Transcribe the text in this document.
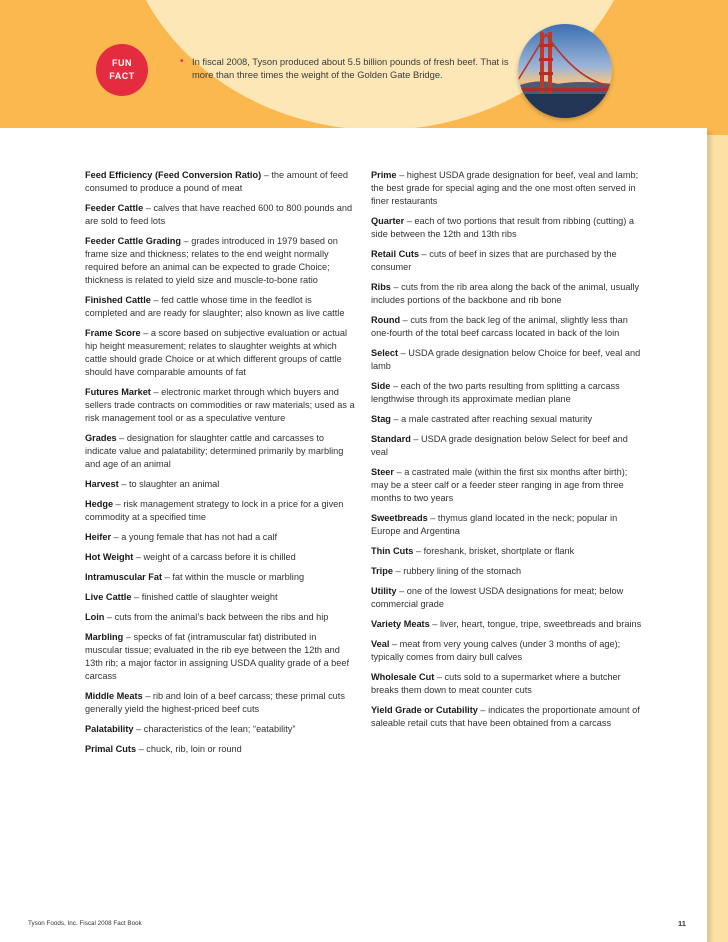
FUN
FACT
• In fiscal 2008, Tyson produced about 5.5 billion pounds of fresh beef. That is more than three times the weight of the Golden Gate Bridge.

Feed Efficiency (Feed Conversion Ratio) – the amount of feed consumed to produce a pound of meat

Feeder Cattle – calves that have reached 600 to 800 pounds and are sold to feed lots

Feeder Cattle Grading – grades introduced in 1979 based on frame size and thickness; relates to the end weight normally required before an animal can be expected to grade Choice; thickness is related to yield size and muscle-to-bone ratio

Finished Cattle – fed cattle whose time in the feedlot is completed and are ready for slaughter; also known as live cattle

Frame Score – a score based on subjective evaluation or actual hip height measurement; relates to slaughter weights at which cattle should grade Choice or at which different groups of cattle should have comparable amounts of fat

Futures Market – electronic market through which buyers and sellers trade contracts on commodities or raw materials; used as a risk management tool or as a speculative venture

Grades – designation for slaughter cattle and carcasses to indicate value and palatability; determined primarily by marbling and age of an animal

Harvest – to slaughter an animal

Hedge – risk management strategy to lock in a price for a given commodity at a specified time

Heifer – a young female that has not had a calf

Hot Weight – weight of a carcass before it is chilled

Intramuscular Fat – fat within the muscle or marbling

Live Cattle – finished cattle of slaughter weight

Loin – cuts from the animal’s back between the ribs and hip

Marbling – specks of fat (intramuscular fat) distributed in muscular tissue; evaluated in the rib eye between the 12th and 13th rib; a major factor in assigning USDA quality grade of a beef carcass

Middle Meats – rib and loin of a beef carcass; these primal cuts generally yield the highest-priced beef cuts

Palatability – characteristics of the lean; “eatability”

Primal Cuts – chuck, rib, loin or round

Prime – highest USDA grade designation for beef, veal and lamb; the best grade for special aging and the one most often served in finer restaurants

Quarter – each of two portions that result from ribbing (cutting) a side between the 12th and 13th ribs

Retail Cuts – cuts of beef in sizes that are purchased by the consumer

Ribs – cuts from the rib area along the back of the animal, usually includes portions of the backbone and rib bone

Round – cuts from the back leg of the animal, slightly less than one-fourth of the total beef carcass located in back of the loin

Select – USDA grade designation below Choice for beef, veal and lamb

Side – each of the two parts resulting from splitting a carcass lengthwise through its approximate median plane

Stag – a male castrated after reaching sexual maturity

Standard – USDA grade designation below Select for beef and veal

Steer – a castrated male (within the first six months after birth); may be a steer calf or a feeder steer ranging in age from three months to two years

Sweetbreads – thymus gland located in the neck; popular in Europe and Argentina

Thin Cuts – foreshank, brisket, shortplate or flank

Tripe – rubbery lining of the stomach

Utility – one of the lowest USDA designations for meat; below commercial grade

Variety Meats – liver, heart, tongue, tripe, sweetbreads and brains

Veal – meat from very young calves (under 3 months of age); typically comes from dairy bull calves

Wholesale Cut – cuts sold to a supermarket where a butcher breaks them down to meat counter cuts

Yield Grade or Cutability – indicates the proportionate amount of saleable retail cuts that have been obtained from a carcass

Tyson Foods, Inc. Fiscal 2008 Fact Book	11
